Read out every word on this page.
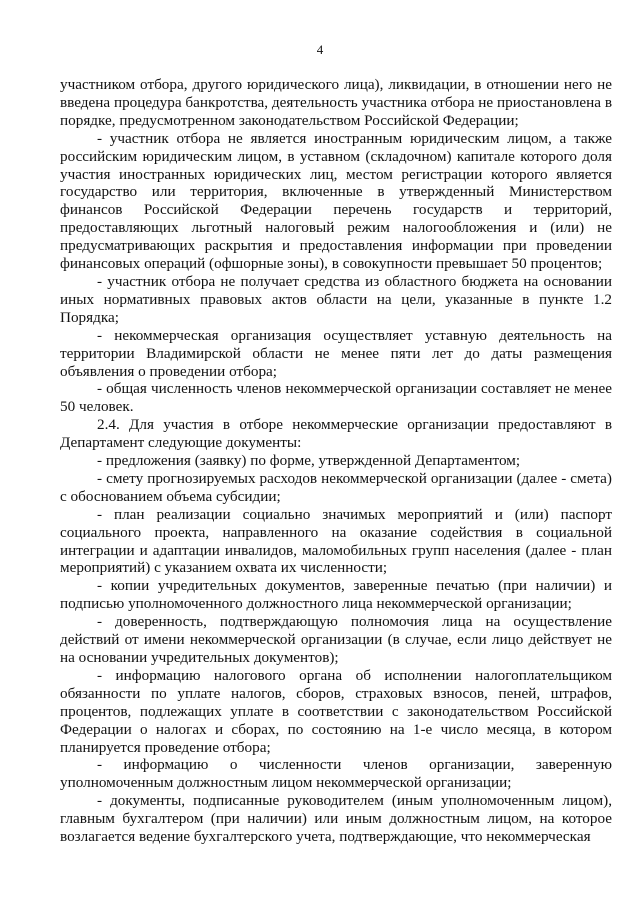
4

участником отбора, другого юридического лица), ликвидации, в отношении него не введена процедура банкротства, деятельность участника отбора не приостановлена в порядке, предусмотренном законодательством Российской Федерации;

- участник отбора не является иностранным юридическим лицом, а также российским юридическим лицом, в уставном (складочном) капитале которого доля участия иностранных юридических лиц, местом регистрации которого является государство или территория, включенные в утвержденный Министерством финансов Российской Федерации перечень государств и территорий, предоставляющих льготный налоговый режим налогообложения и (или) не предусматривающих раскрытия и предоставления информации при проведении финансовых операций (офшорные зоны), в совокупности превышает 50 процентов;

- участник отбора не получает средства из областного бюджета на основании иных нормативных правовых актов области на цели, указанные в пункте 1.2 Порядка;

- некоммерческая организация осуществляет уставную деятельность на территории Владимирской области не менее пяти лет до даты размещения объявления о проведении отбора;

- общая численность членов некоммерческой организации составляет не менее 50 человек.

2.4. Для участия в отборе некоммерческие организации предоставляют в Департамент следующие документы:

- предложения (заявку) по форме, утвержденной Департаментом;

- смету прогнозируемых расходов некоммерческой организации (далее - смета) с обоснованием объема субсидии;

- план реализации социально значимых мероприятий и (или) паспорт социального проекта, направленного на оказание содействия в социальной интеграции и адаптации инвалидов, маломобильных групп населения (далее - план мероприятий) с указанием охвата их численности;

- копии учредительных документов, заверенные печатью (при наличии) и подписью уполномоченного должностного лица некоммерческой организации;

- доверенность, подтверждающую полномочия лица на осуществление действий от имени некоммерческой организации (в случае, если лицо действует не на основании учредительных документов);

- информацию налогового органа об исполнении налогоплательщиком обязанности по уплате налогов, сборов, страховых взносов, пеней, штрафов, процентов, подлежащих уплате в соответствии с законодательством Российской Федерации о налогах и сборах, по состоянию на 1-е число месяца, в котором планируется проведение отбора;

- информацию о численности членов организации, заверенную уполномоченным должностным лицом некоммерческой организации;

- документы, подписанные руководителем (иным уполномоченным лицом), главным бухгалтером (при наличии) или иным должностным лицом, на которое возлагается ведение бухгалтерского учета, подтверждающие, что некоммерческая
